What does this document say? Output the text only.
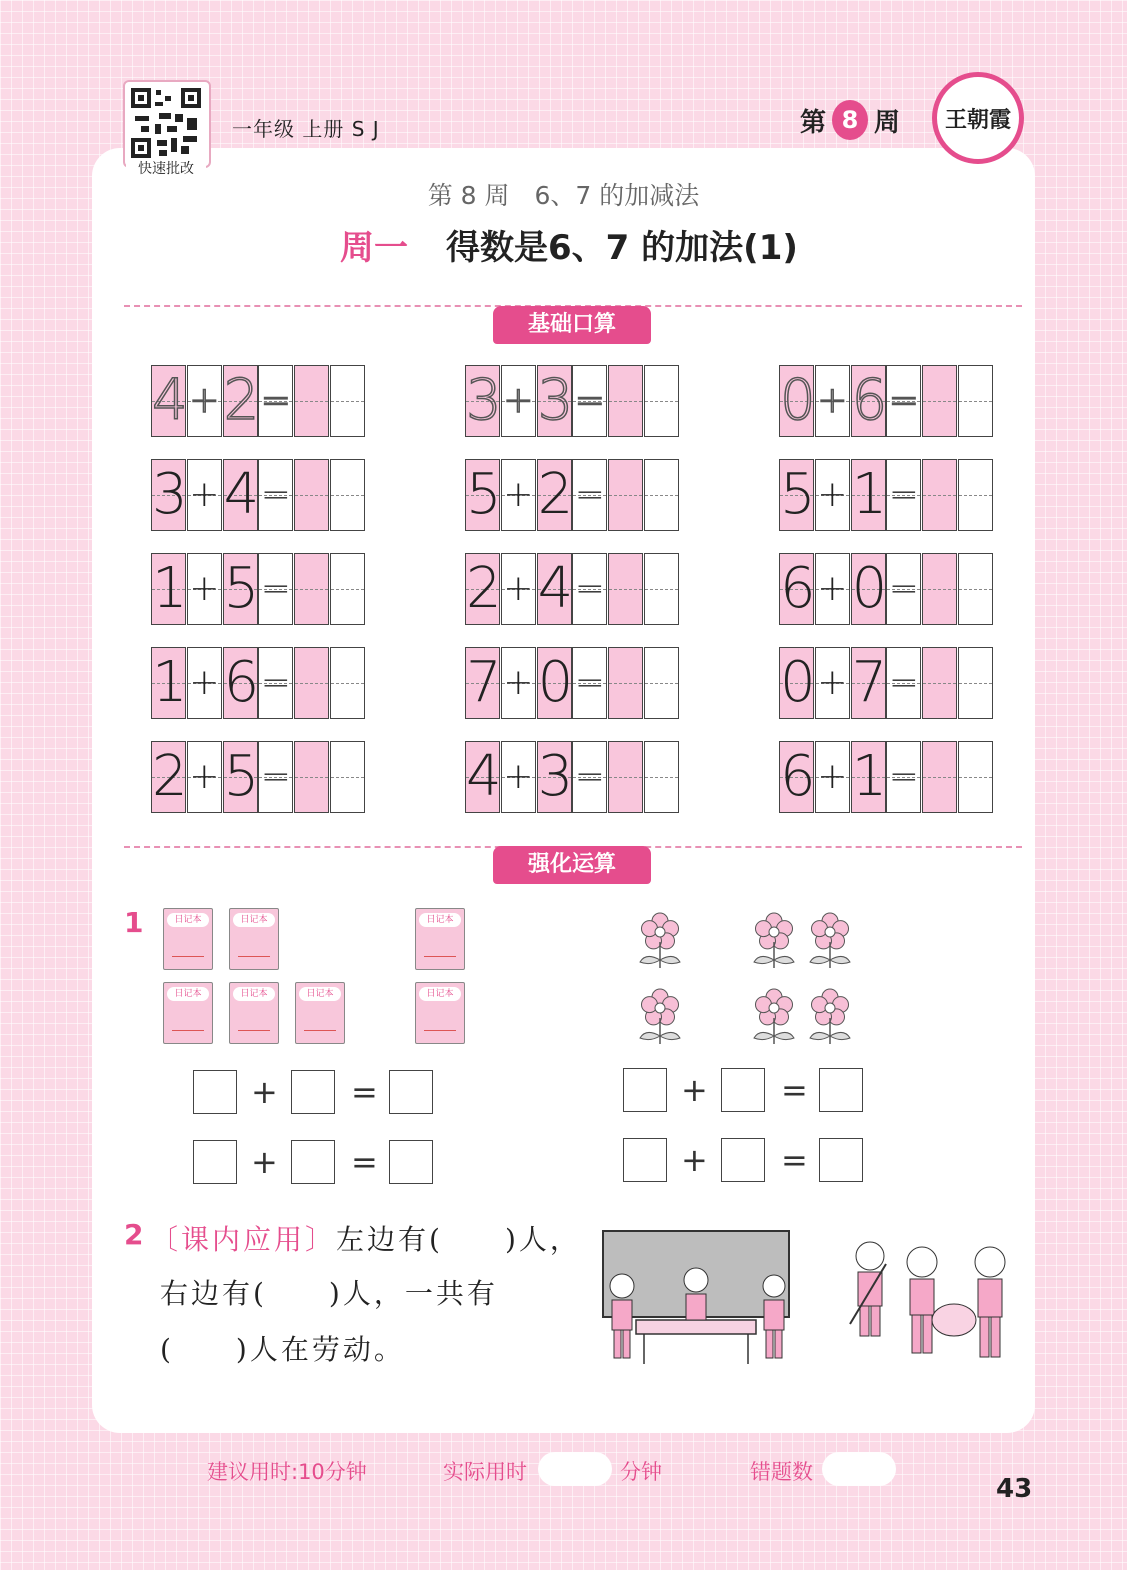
快速批改
一年级 上册 S J	第 8 周	王朝霞
第 8 周　6、7 的加减法
周一 得数是6、7 的加法(1)
基础口算
4 + 2 =	3 + 3 =	0 + 6 =
3 + 4 =	5 + 2 =	5 + 1 =
1 + 5 =	2 + 4 =	6 + 0 =
1 + 6 =	7 + 0 =	0 + 7 =
2 + 5 =	4 + 3 =	6 + 1 =
强化运算
1	日记本	日记本	日记本
日记本	日记本	日记本	日记本
+ =
+ =
+ =
+ =
2 〔课内应用〕左边有(　　)人，
右边有(　　)人，一共有
(　　)人在劳动。
建议用时:10分钟	实际用时	分钟	错题数
43
